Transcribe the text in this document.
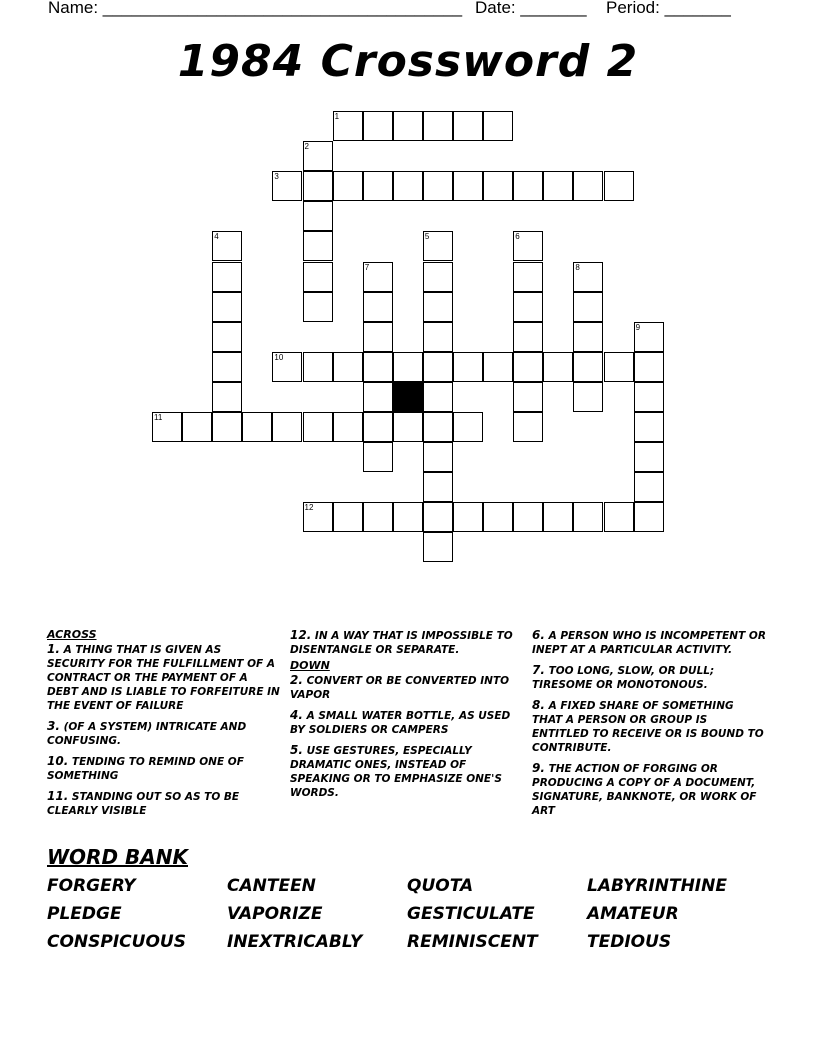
Name: ______________________________________ Date: _______ Period: _______
1984 Crossword 2
1
2
3
4	5	6
7	8
9
10
11
12
ACROSS
1. A THING THAT IS GIVEN AS SECURITY FOR THE FULFILLMENT OF A CONTRACT OR THE PAYMENT OF A DEBT AND IS LIABLE TO FORFEITURE IN THE EVENT OF FAILURE
3. (OF A SYSTEM) INTRICATE AND CONFUSING.
10. TENDING TO REMIND ONE OF SOMETHING
11. STANDING OUT SO AS TO BE CLEARLY VISIBLE
12. IN A WAY THAT IS IMPOSSIBLE TO DISENTANGLE OR SEPARATE.
DOWN
2. CONVERT OR BE CONVERTED INTO VAPOR
4. A SMALL WATER BOTTLE, AS USED BY SOLDIERS OR CAMPERS
5. USE GESTURES, ESPECIALLY DRAMATIC ONES, INSTEAD OF SPEAKING OR TO EMPHASIZE ONE'S WORDS.
6. A PERSON WHO IS INCOMPETENT OR INEPT AT A PARTICULAR ACTIVITY.
7. TOO LONG, SLOW, OR DULL; TIRESOME OR MONOTONOUS.
8. A FIXED SHARE OF SOMETHING THAT A PERSON OR GROUP IS ENTITLED TO RECEIVE OR IS BOUND TO CONTRIBUTE.
9. THE ACTION OF FORGING OR PRODUCING A COPY OF A DOCUMENT, SIGNATURE, BANKNOTE, OR WORK OF ART
WORD BANK
FORGERY	CANTEEN	QUOTA	LABYRINTHINE
PLEDGE	VAPORIZE	GESTICULATE	AMATEUR
CONSPICUOUS	INEXTRICABLY	REMINISCENT	TEDIOUS
